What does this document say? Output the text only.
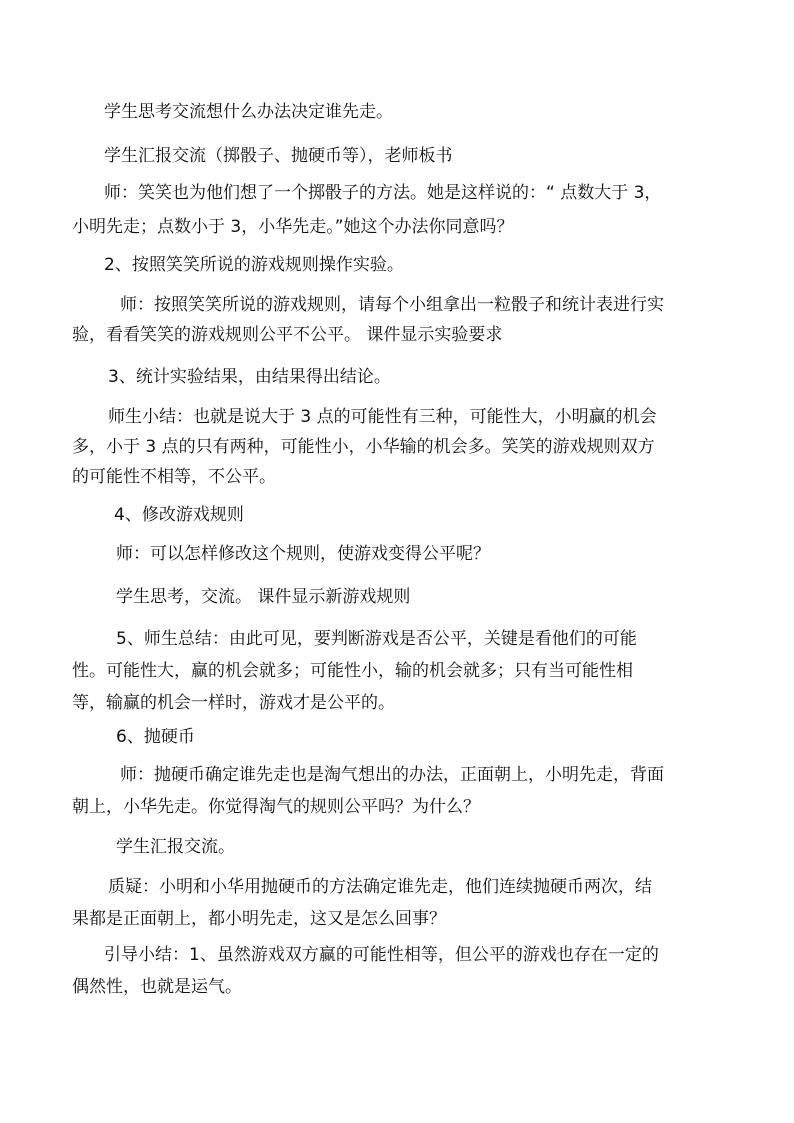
学生思考交流想什么办法决定谁先走。
学生汇报交流（掷骰子、抛硬币等），老师板书
师：笑笑也为他们想了一个掷骰子的方法。她是这样说的：“ 点数大于 3，
小明先走；点数小于 3，小华先走。”她这个办法你同意吗？
2、按照笑笑所说的游戏规则操作实验。
师：按照笑笑所说的游戏规则，请每个小组拿出一粒骰子和统计表进行实
验，看看笑笑的游戏规则公平不公平。 课件显示实验要求
3、统计实验结果，由结果得出结论。
师生小结：也就是说大于 3 点的可能性有三种，可能性大，小明赢的机会
多，小于 3 点的只有两种，可能性小，小华输的机会多。笑笑的游戏规则双方
的可能性不相等，不公平。
4、修改游戏规则
师：可以怎样修改这个规则，使游戏变得公平呢？
学生思考，交流。 课件显示新游戏规则
5、师生总结：由此可见，要判断游戏是否公平，关键是看他们的可能
性。可能性大，赢的机会就多；可能性小，输的机会就多；只有当可能性相
等，输赢的机会一样时，游戏才是公平的。
6、抛硬币
师：抛硬币确定谁先走也是淘气想出的办法，正面朝上，小明先走，背面
朝上，小华先走。你觉得淘气的规则公平吗？为什么？
学生汇报交流。
质疑：小明和小华用抛硬币的方法确定谁先走，他们连续抛硬币两次，结
果都是正面朝上，都小明先走，这又是怎么回事？
引导小结：1、虽然游戏双方赢的可能性相等，但公平的游戏也存在一定的
偶然性，也就是运气。
